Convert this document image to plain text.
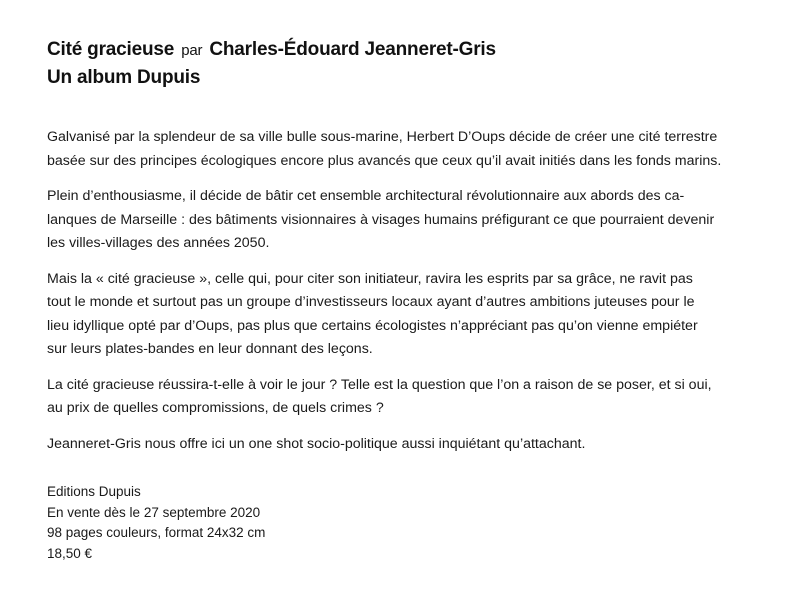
Cité gracieuse par Charles-Édouard Jeanneret-Gris
Un album Dupuis

Galvanisé par la splendeur de sa ville bulle sous-marine, Herbert D’Oups décide de créer une cité terrestre
basée sur des principes écologiques encore plus avancés que ceux qu’il avait initiés dans les fonds marins.

Plein d’enthousiasme, il décide de bâtir cet ensemble architectural révolutionnaire aux abords des ca-
lanques de Marseille : des bâtiments visionnaires à visages humains préfigurant ce que pourraient devenir
les villes-villages des années 2050.

Mais la « cité gracieuse », celle qui, pour citer son initiateur, ravira les esprits par sa grâce, ne ravit pas
tout le monde et surtout pas un groupe d’investisseurs locaux ayant d’autres ambitions juteuses pour le
lieu idyllique opté par d’Oups, pas plus que certains écologistes n’appréciant pas qu’on vienne empiéter
sur leurs plates-bandes en leur donnant des leçons.

La cité gracieuse réussira-t-elle à voir le jour ? Telle est la question que l’on a raison de se poser, et si oui,
au prix de quelles compromissions, de quels crimes ?

Jeanneret-Gris nous offre ici un one shot socio-politique aussi inquiétant qu’attachant.

Editions Dupuis
En vente dès le 27 septembre 2020
98 pages couleurs, format 24x32 cm
18,50 €
